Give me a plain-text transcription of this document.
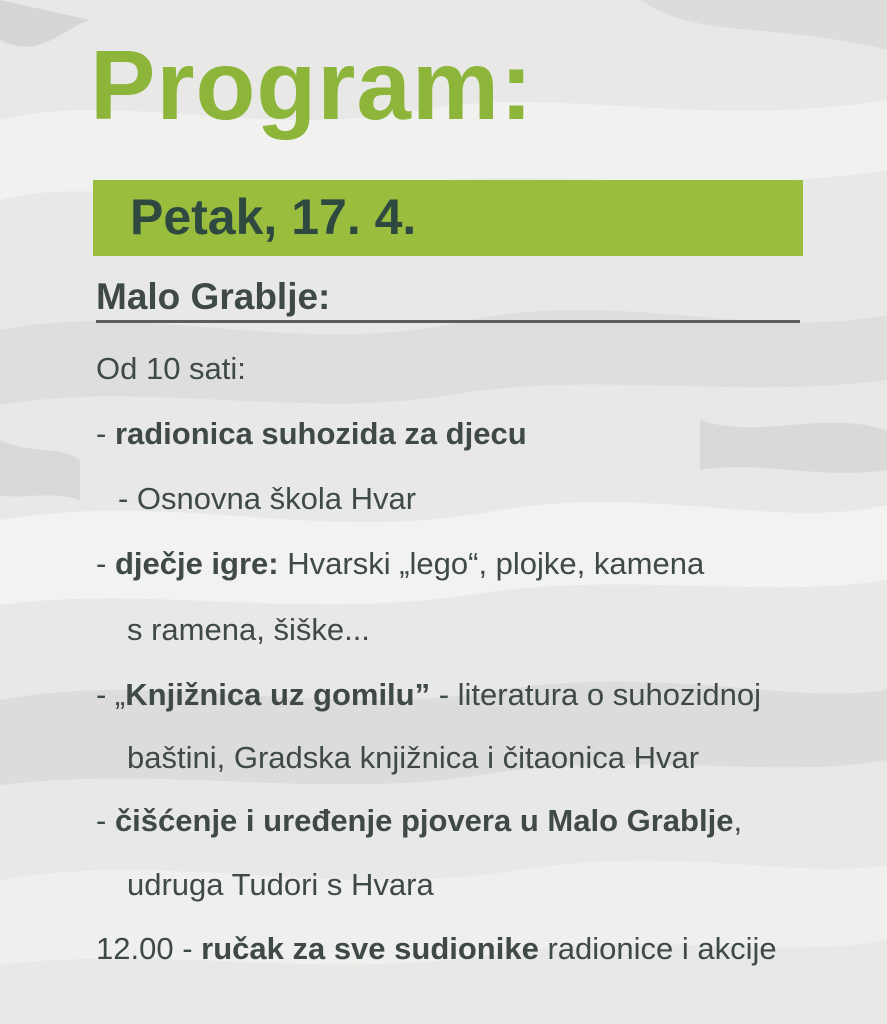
Program:
Petak, 17. 4.
Malo Grablje:
Od 10 sati:
- radionica suhozida za djecu
- Osnovna škola Hvar
- dječje igre: Hvarski „lego“, plojke, kamena
s ramena, šiške...
- „Knjižnica uz gomilu” - literatura o suhozidnoj
baštini, Gradska knjižnica i čitaonica Hvar
- čišćenje i uređenje pjovera u Malo Grablje,
udruga Tudori s Hvara
12.00 - ručak za sve sudionike radionice i akcije
